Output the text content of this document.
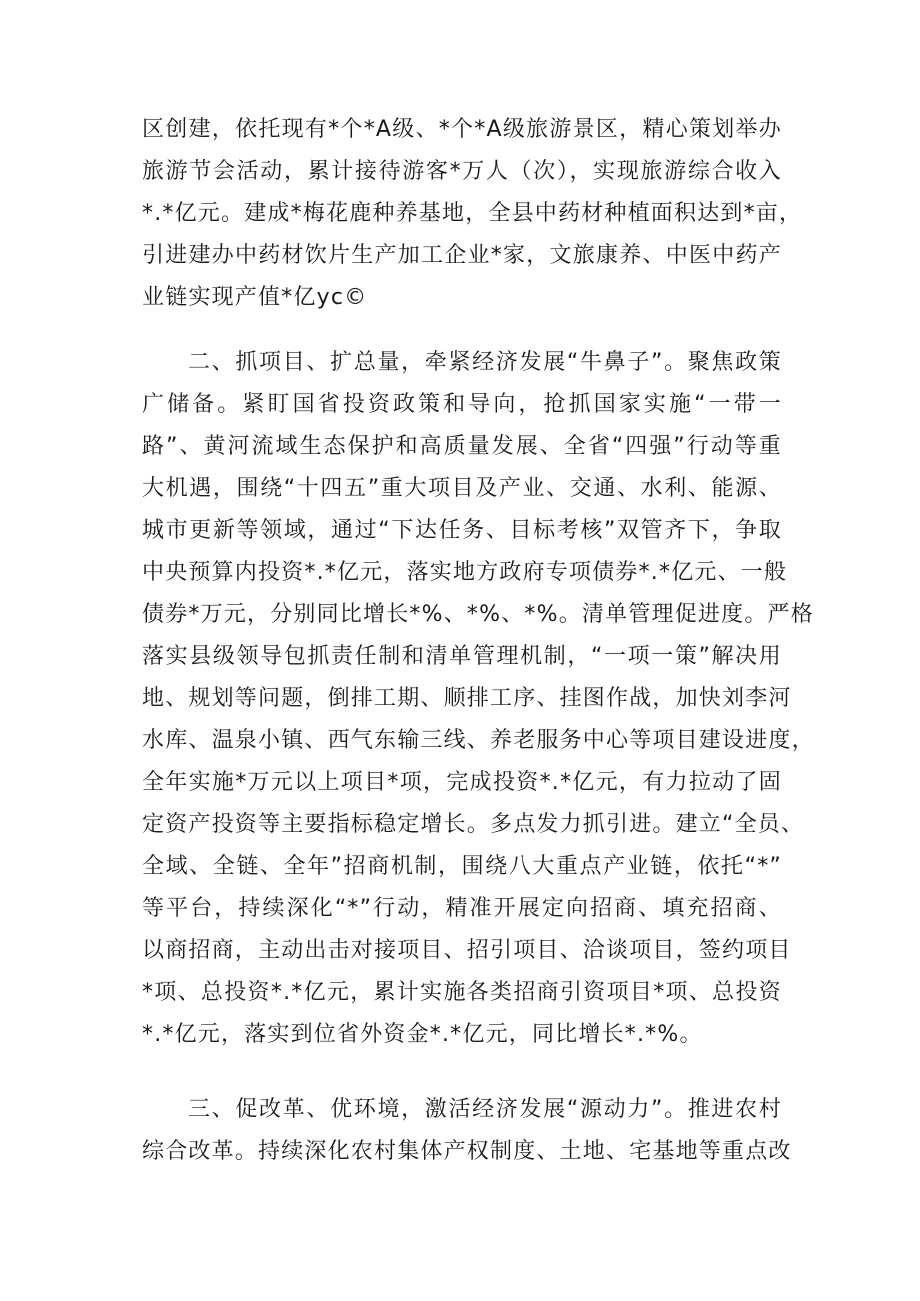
区创建，依托现有*个*A级、*个*A级旅游景区，精心策划举办
旅游节会活动，累计接待游客*万人（次），实现旅游综合收入
*.*亿元。建成*梅花鹿种养基地，全县中药材种植面积达到*亩，
引进建办中药材饮片生产加工企业*家，文旅康养、中医中药产
业链实现产值*亿yc©
二、抓项目、扩总量，牵紧经济发展“牛鼻子”。聚焦政策
广储备。紧盯国省投资政策和导向，抢抓国家实施“一带一
路”、黄河流域生态保护和高质量发展、全省“四强”行动等重
大机遇，围绕“十四五”重大项目及产业、交通、水利、能源、
城市更新等领域，通过“下达任务、目标考核”双管齐下，争取
中央预算内投资*.*亿元，落实地方政府专项债券*.*亿元、一般
债券*万元，分别同比增长*%、*%、*%。清单管理促进度。严格
落实县级领导包抓责任制和清单管理机制，“一项一策”解决用
地、规划等问题，倒排工期、顺排工序、挂图作战，加快刘李河
水库、温泉小镇、西气东输三线、养老服务中心等项目建设进度，
全年实施*万元以上项目*项，完成投资*.*亿元，有力拉动了固
定资产投资等主要指标稳定增长。多点发力抓引进。建立“全员、
全域、全链、全年”招商机制，围绕八大重点产业链，依托“*”
等平台，持续深化“*”行动，精准开展定向招商、填充招商、
以商招商，主动出击对接项目、招引项目、洽谈项目，签约项目
*项、总投资*.*亿元，累计实施各类招商引资项目*项、总投资
*.*亿元，落实到位省外资金*.*亿元，同比增长*.*%。
三、促改革、优环境，激活经济发展“源动力”。推进农村
综合改革。持续深化农村集体产权制度、土地、宅基地等重点改
